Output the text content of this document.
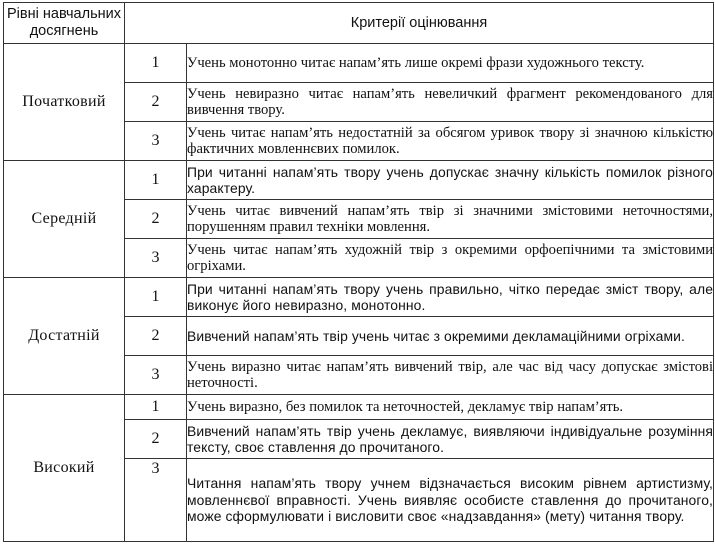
Рівні навчальних досягнень	Критерії оцінювання	
Початковий	1	Учень монотонно читає напам’ять лише окремі фрази художнього тексту.
	2	Учень невиразно читає напам’ять невеличкий фрагмент рекомендованого для вивчення твору.
	3	Учень читає напам’ять недостатній за обсягом уривок твору зі значною кількістю фактичних мовленнєвих помилок.
Середній	1	При читанні напам’ять твору учень допускає значну кількість помилок різного характеру.
	2	Учень читає вивчений напам’ять твір зі значними змістовими неточностями, порушенням правил техніки мовлення.
	3	Учень читає напам’ять художній твір з окремими орфоепічними та змістовими огріхами.
Достатній	1	При читанні напам’ять твору учень правильно, чітко передає зміст твору, але виконує його невиразно, монотонно.
	2	Вивчений напам’ять твір учень читає з окремими декламаційними огріхами.
	3	Учень виразно читає напам’ять вивчений твір, але час від часу допускає змістові неточності.
Високий	1	Учень виразно, без помилок та неточностей, декламує твір напам’ять.
	2	Вивчений напам’ять твір учень декламує, виявляючи індивідуальне розуміння тексту, своє ставлення до прочитаного.
	3	Читання напам’ять твору учнем відзначається високим рівнем артистизму, мовленнєвої вправності. Учень виявляє особисте ставлення до прочитаного, може сформулювати і висловити своє «надзавдання» (мету) читання твору.
